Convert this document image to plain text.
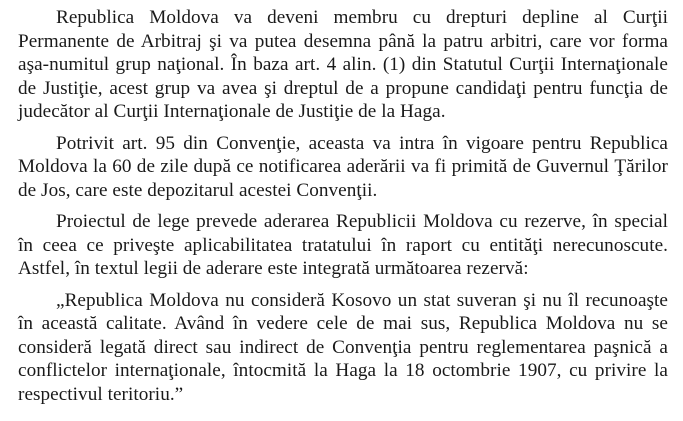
Republica Moldova va deveni membru cu drepturi depline al Curţii Permanente de Arbitraj şi va putea desemna până la patru arbitri, care vor forma aşa-numitul grup naţional. În baza art. 4 alin. (1) din Statutul Curţii Internaţionale de Justiţie, acest grup va avea şi dreptul de a propune candidaţi pentru funcţia de judecător al Curţii Internaţionale de Justiţie de la Haga.

Potrivit art. 95 din Convenţie, aceasta va intra în vigoare pentru Republica Moldova la 60 de zile după ce notificarea aderării va fi primită de Guvernul Ţărilor de Jos, care este depozitarul acestei Convenţii.

Proiectul de lege prevede aderarea Republicii Moldova cu rezerve, în special în ceea ce priveşte aplicabilitatea tratatului în raport cu entităţi nerecunoscute. Astfel, în textul legii de aderare este integrată următoarea rezervă:

„Republica Moldova nu consideră Kosovo un stat suveran şi nu îl recunoaşte în această calitate. Având în vedere cele de mai sus, Republica Moldova nu se consideră legată direct sau indirect de Convenţia pentru reglementarea paşnică a conflictelor internaţionale, întocmită la Haga la 18 octombrie 1907, cu privire la respectivul teritoriu.”
